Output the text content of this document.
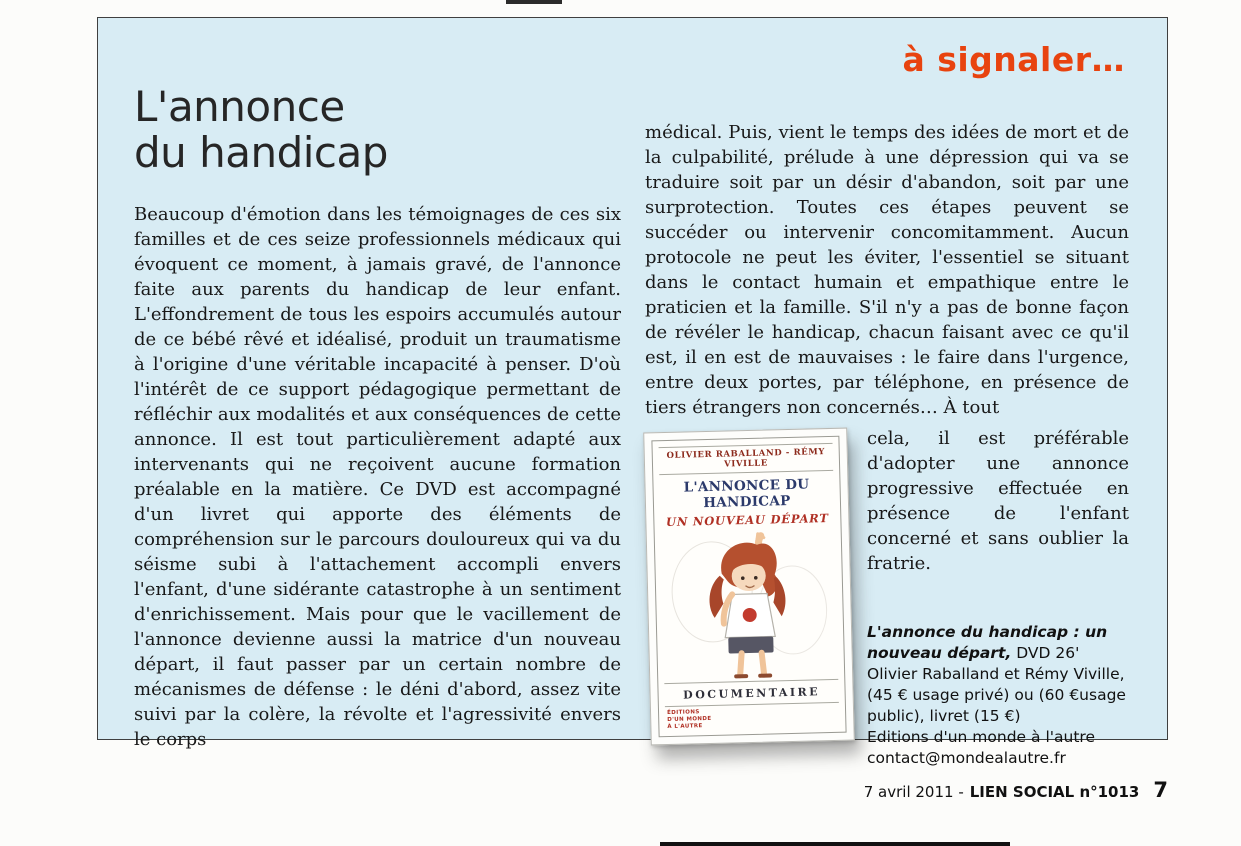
à signaler…
L'annonce
du handicap

Beaucoup d'émotion dans les témoignages de ces six familles et de ces seize professionnels médicaux qui évoquent ce moment, à jamais gravé, de l'annonce faite aux parents du handicap de leur enfant. L'effondrement de tous les espoirs accumulés autour de ce bébé rêvé et idéalisé, produit un traumatisme à l'origine d'une véritable incapacité à penser. D'où l'intérêt de ce support pédagogique permettant de réfléchir aux modalités et aux conséquences de cette annonce. Il est tout particulièrement adapté aux intervenants qui ne reçoivent aucune formation préalable en la matière. Ce DVD est accompagné d'un livret qui apporte des éléments de compréhension sur le parcours douloureux qui va du séisme subi à l'attachement accompli envers l'enfant, d'une sidérante catastrophe à un sentiment d'enrichissement. Mais pour que le vacillement de l'annonce devienne aussi la matrice d'un nouveau départ, il faut passer par un certain nombre de mécanismes de défense : le déni d'abord, assez vite suivi par la colère, la révolte et l'agressivité envers le corps

médical. Puis, vient le temps des idées de mort et de la culpabilité, prélude à une dépression qui va se traduire soit par un désir d'abandon, soit par une surprotection. Toutes ces étapes peuvent se succéder ou intervenir concomitamment. Aucun protocole ne peut les éviter, l'essentiel se situant dans le contact humain et empathique entre le praticien et la famille. S'il n'y a pas de bonne façon de révéler le handicap, chacun faisant avec ce qu'il est, il en est de mauvaises : le faire dans l'urgence, entre deux portes, par téléphone, en présence de tiers étrangers non concernés… À tout

OLIVIER RABALLAND - RÉMY VIVILLE
L'ANNONCE DU HANDICAP
UN NOUVEAU DÉPART
DOCUMENTAIRE
ÉDITIONS
D'UN MONDE
À L'AUTRE

cela, il est préférable d'adopter une annonce progressive effectuée en présence de l'enfant concerné et sans oublier la fratrie.

L'annonce du handicap : un nouveau départ, DVD 26' Olivier Raballand et Rémy Viville, (45 € usage privé) ou (60 €usage public), livret (15 €)

Editions d'un monde à l'autre
contact@mondealautre.fr
7 avril 2011 - LIEN SOCIAL n°1013 7
